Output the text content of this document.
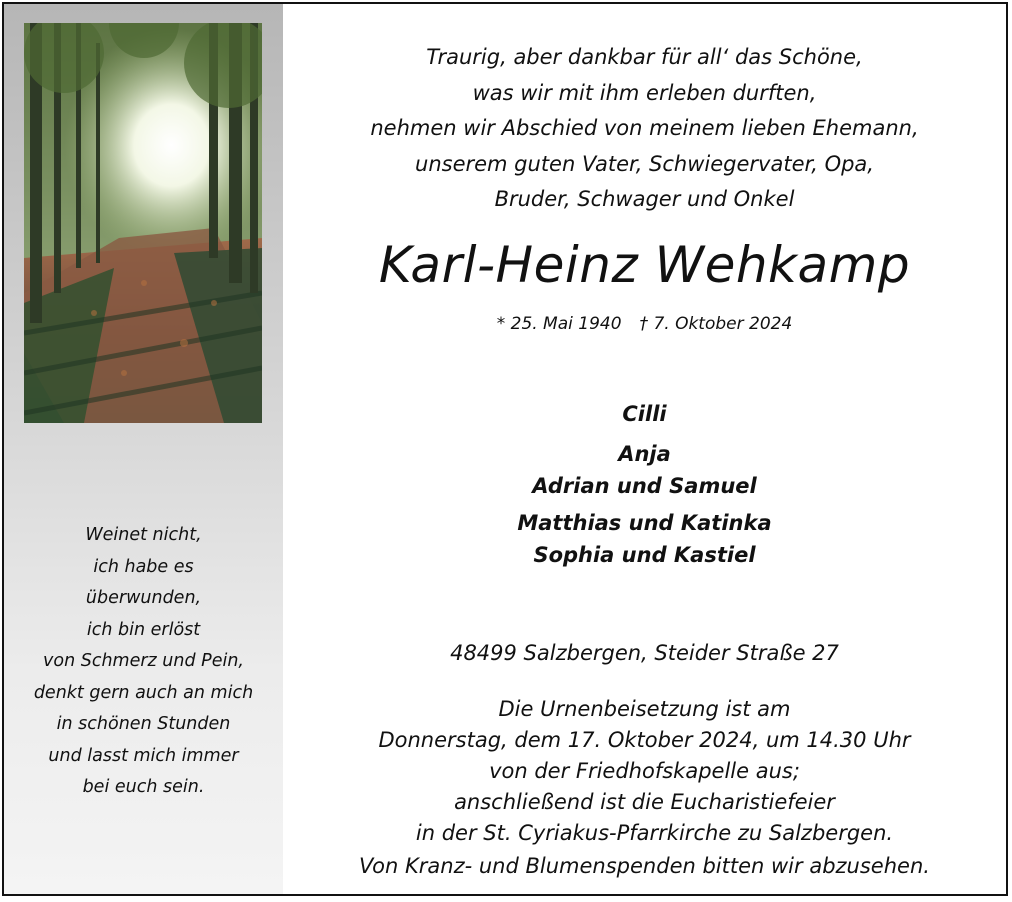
Weinet nicht,
ich habe es
überwunden,
ich bin erlöst
von Schmerz und Pein,
denkt gern auch an mich
in schönen Stunden
und lasst mich immer
bei euch sein.
Traurig, aber dankbar für all‘ das Schöne,
was wir mit ihm erleben durften,
nehmen wir Abschied von meinem lieben Ehemann,
unserem guten Vater, Schwiegervater, Opa,
Bruder, Schwager und Onkel
Karl-Heinz Wehkamp
* 25. Mai 1940 † 7. Oktober 2024
Cilli
Anja
Adrian und Samuel
Matthias und Katinka
Sophia und Kastiel
48499 Salzbergen, Steider Straße 27
Die Urnenbeisetzung ist am
Donnerstag, dem 17. Oktober 2024, um 14.30 Uhr
von der Friedhofskapelle aus;
anschließend ist die Eucharistiefeier
in der St. Cyriakus-Pfarrkirche zu Salzbergen.
Von Kranz- und Blumenspenden bitten wir abzusehen.
